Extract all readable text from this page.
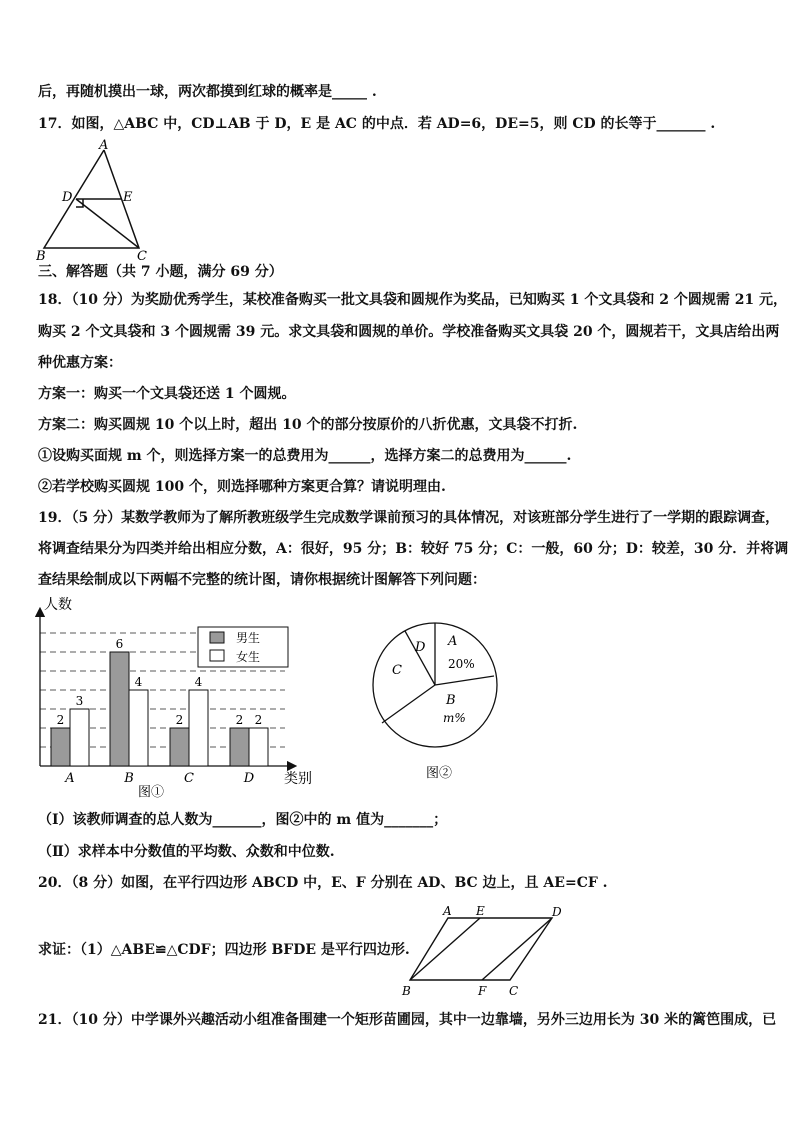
后，再随机摸出一球，两次都摸到红球的概率是_____ .
17．如图，△ABC 中，CD⊥AB 于 D，E 是 AC 的中点．若 AD=6，DE=5，则 CD 的长等于_______ .
A
B	C
D	E
三、解答题（共 7 小题，满分 69 分）
18．（10 分）为奖励优秀学生，某校准备购买一批文具袋和圆规作为奖品，已知购买 1 个文具袋和 2 个圆规需 21 元，
购买 2 个文具袋和 3 个圆规需 39 元。求文具袋和圆规的单价。学校准备购买文具袋 20 个，圆规若干，文具店给出两
种优惠方案：
方案一：购买一个文具袋还送 1 个圆规。
方案二：购买圆规 10 个以上时，超出 10 个的部分按原价的八折优惠，文具袋不打折.
①设购买面规 m 个，则选择方案一的总费用为______，选择方案二的总费用为______.
②若学校购买圆规 100 个，则选择哪种方案更合算？请说明理由.
19．（5 分）某数学教师为了解所教班级学生完成数学课前预习的具体情况，对该班部分学生进行了一学期的跟踪调查，
将调查结果分为四类并给出相应分数，A：很好，95 分；B：较好 75 分；C：一般，60 分；D：较差，30 分．并将调
查结果绘制成以下两幅不完整的统计图，请你根据统计图解答下列问题：
人数
类别
图①
2
3
A
6
4
B
2
4
C
2 2
D
男生
女生
A
20%
B
m%
C
D
图②
（Ⅰ）该教师调查的总人数为_______，图②中的 m 值为_______；
（Ⅱ）求样本中分数值的平均数、众数和中位数.
20．（8 分）如图，在平行四边形 ABCD 中，E、F 分别在 AD、BC 边上，且 AE=CF .
求证：（1）△ABE≌△CDF；四边形 BFDE 是平行四边形.
A E	D
B	F C
21．（10 分）中学课外兴趣活动小组准备围建一个矩形苗圃园，其中一边靠墙，另外三边用长为 30 米的篱笆围成，已
